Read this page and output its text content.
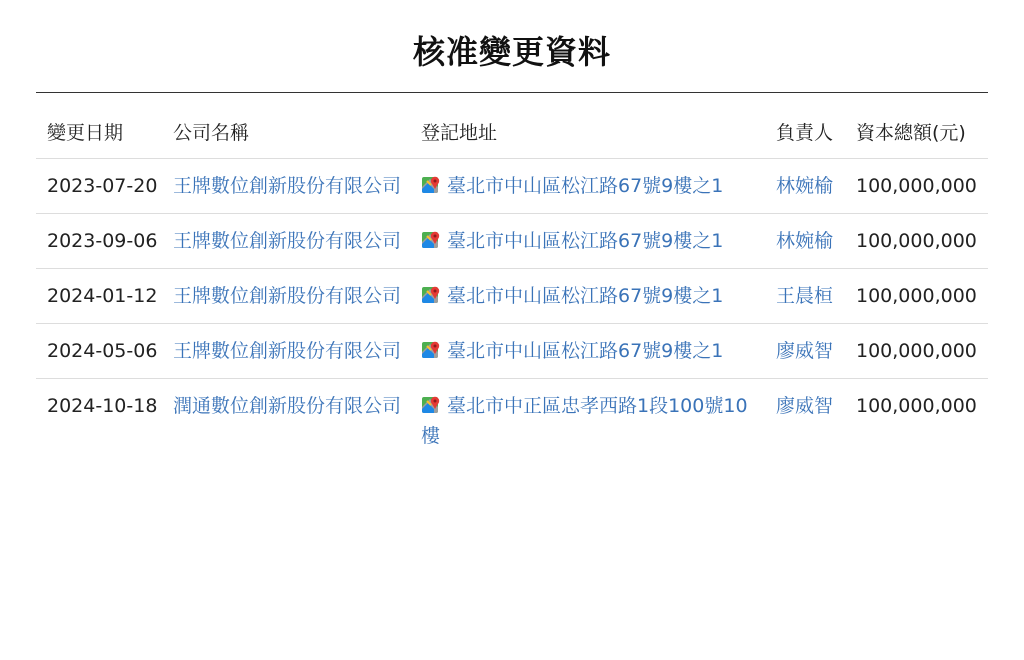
核准變更資料
變更日期	公司名稱	登記地址	負責人	資本總額(元)
2023-07-20	王牌數位創新股份有限公司	臺北市中山區松江路67號9樓之1	林婉榆	100,000,000
2023-09-06	王牌數位創新股份有限公司	臺北市中山區松江路67號9樓之1	林婉榆	100,000,000
2024-01-12	王牌數位創新股份有限公司	臺北市中山區松江路67號9樓之1	王晨桓	100,000,000
2024-05-06	王牌數位創新股份有限公司	臺北市中山區松江路67號9樓之1	廖威智	100,000,000
2024-10-18	潤通數位創新股份有限公司	臺北市中正區忠孝西路1段100號10樓	廖威智	100,000,000
